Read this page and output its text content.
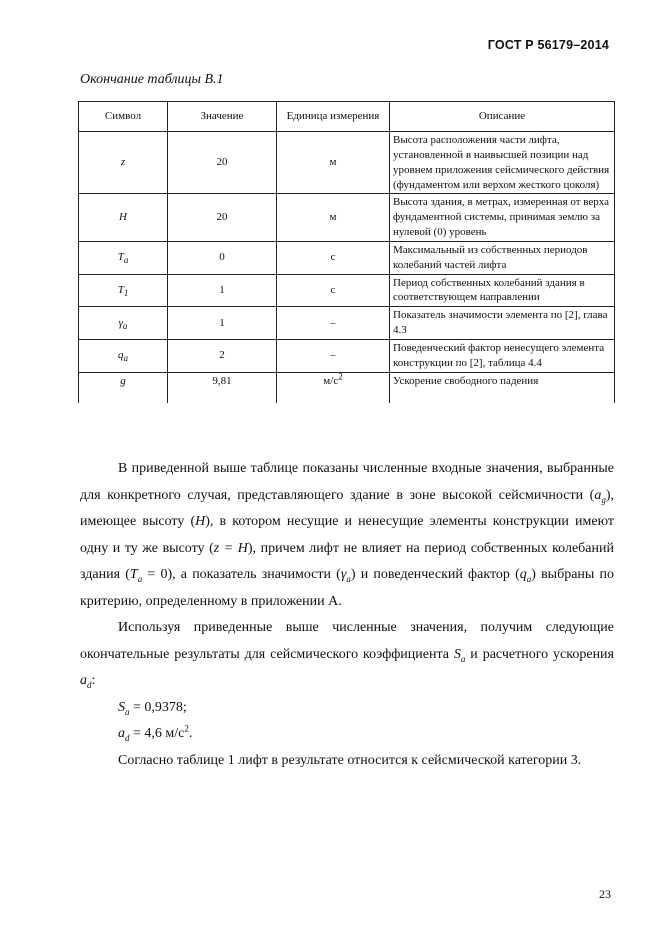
ГОСТ Р 56179–2014
Окончание таблицы В.1
Символ	Значение	Единица измерения	Описание
z	20	м	Высота расположения части лифта, установленной в наивысшей позиции над уровнем приложения сейсмического действия (фундаментом или верхом жесткого цоколя)
H	20	м	Высота здания, в метрах, измеренная от верха фундаментной системы, принимая землю за нулевой (0) уровень
$T_a$	0	с	Максимальный из собственных периодов колебаний частей лифта
$T_1$	1	с	Период собственных колебаний здания в соответствующем направлении
$\gamma_a$	1	–	Показатель значимости элемента по [2], глава 4.3
$q_a$	2	–	Поведенческий фактор ненесущего элемента конструкции по [2], таблица 4.4
g	9,81	$м/с^2$	Ускорение свободного падения

В приведенной выше таблице показаны численные входные значения, выбранные для конкретного случая, представляющего здание в зоне высокой сейсмичности $(a_g)$, имеющее высоту (H), в котором несущие и ненесущие элементы конструкции имеют одну и ту же высоту (z = H), причем лифт не влияет на период собственных колебаний здания $(T_a = 0)$, а показатель значимости $(\gamma_a)$ и поведенческий фактор $(q_a)$ выбраны по критерию, определенному в приложении А.

Используя приведенные выше численные значения, получим следующие окончательные результаты для сейсмического коэффициента $S_a$ и расчетного ускорения $a_d$:

$S_a = 0,9378$;
$a_d = 4,6$ $м/с^2$.

Согласно таблице 1 лифт в результате относится к сейсмической категории 3.

23
